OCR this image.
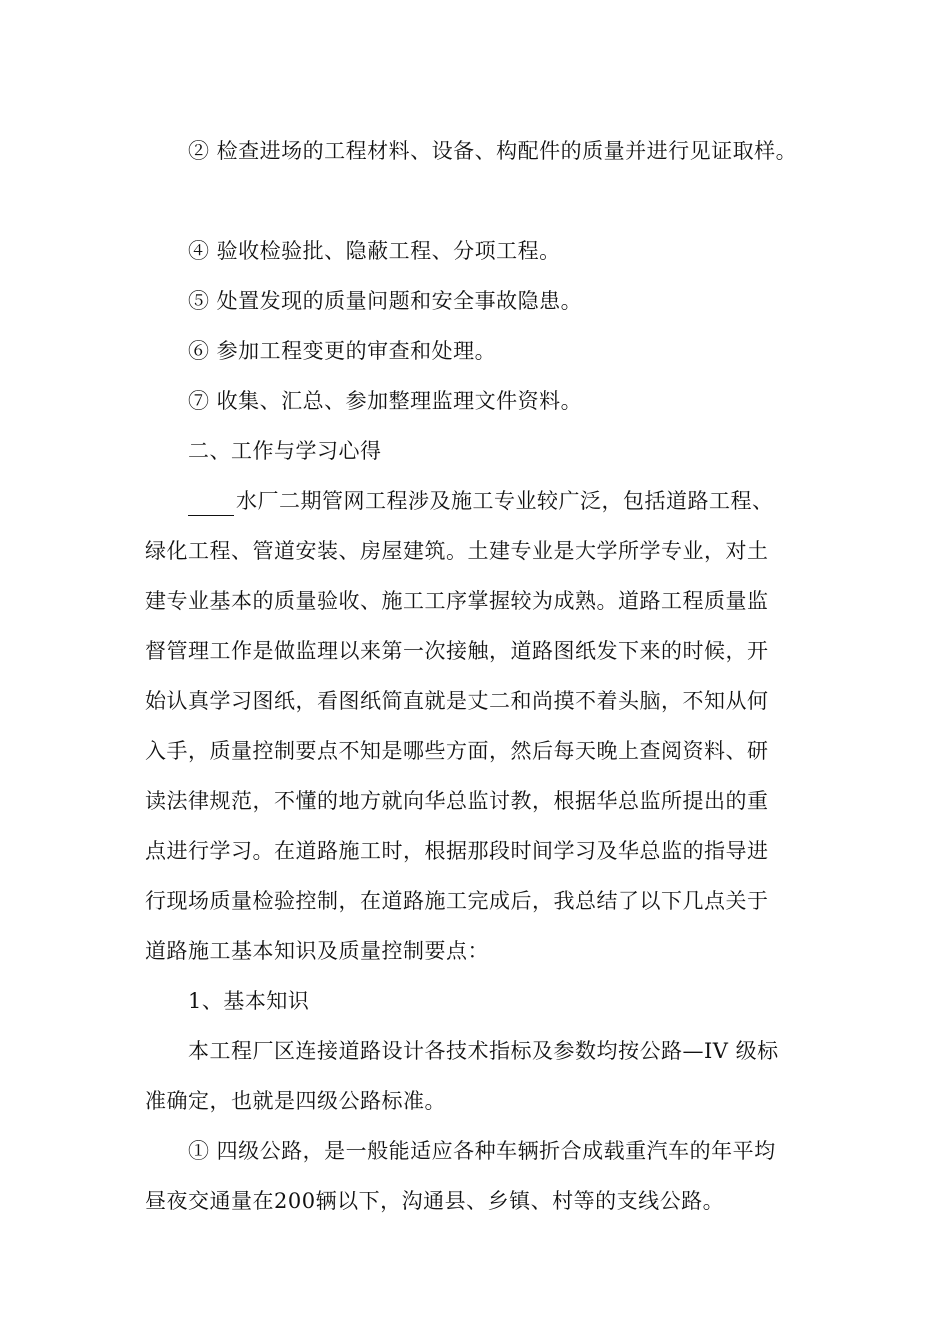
② 检查进场的工程材料、设备、构配件的质量并进行见证取样。
④ 验收检验批、隐蔽工程、分项工程。
⑤ 处置发现的质量问题和安全事故隐患。
⑥ 参加工程变更的审查和处理。
⑦ 收集、汇总、参加整理监理文件资料。
二、工作与学习心得
水厂二期管网工程涉及施工专业较广泛，包括道路工程、
绿化工程、管道安装、房屋建筑。土建专业是大学所学专业，对土
建专业基本的质量验收、施工工序掌握较为成熟。道路工程质量监
督管理工作是做监理以来第一次接触，道路图纸发下来的时候，开
始认真学习图纸，看图纸简直就是丈二和尚摸不着头脑，不知从何
入手，质量控制要点不知是哪些方面，然后每天晚上查阅资料、研
读法律规范，不懂的地方就向华总监讨教，根据华总监所提出的重
点进行学习。在道路施工时，根据那段时间学习及华总监的指导进
行现场质量检验控制，在道路施工完成后，我总结了以下几点关于
道路施工基本知识及质量控制要点：
1、基本知识
本工程厂区连接道路设计各技术指标及参数均按公路—IV 级标
准确定，也就是四级公路标准。
① 四级公路，是一般能适应各种车辆折合成载重汽车的年平均
昼夜交通量在200辆以下，沟通县、乡镇、村等的支线公路。
